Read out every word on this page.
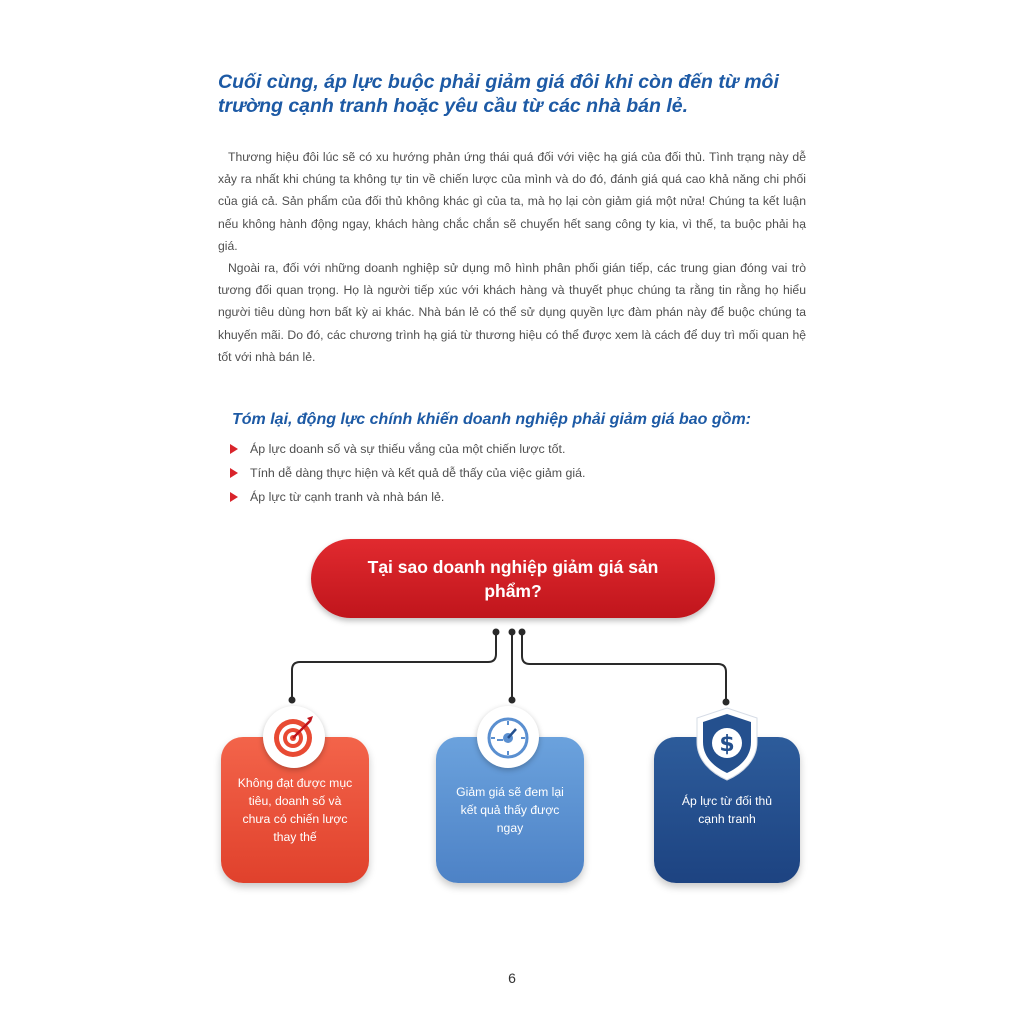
Cuối cùng, áp lực buộc phải giảm giá đôi khi còn đến từ môi trường cạnh tranh hoặc yêu cầu từ các nhà bán lẻ.

Thương hiệu đôi lúc sẽ có xu hướng phản ứng thái quá đối với việc hạ giá của đối thủ. Tình trạng này dễ xảy ra nhất khi chúng ta không tự tin về chiến lược của mình và do đó, đánh giá quá cao khả năng chi phối của giá cả. Sản phẩm của đối thủ không khác gì của ta, mà họ lại còn giảm giá một nửa! Chúng ta kết luận nếu không hành động ngay, khách hàng chắc chắn sẽ chuyển hết sang công ty kia, vì thế, ta buộc phải hạ giá.

Ngoài ra, đối với những doanh nghiệp sử dụng mô hình phân phối gián tiếp, các trung gian đóng vai trò tương đối quan trọng. Họ là người tiếp xúc với khách hàng và thuyết phục chúng ta rằng tin rằng họ hiểu người tiêu dùng hơn bất kỳ ai khác. Nhà bán lẻ có thể sử dụng quyền lực đàm phán này để buộc chúng ta khuyến mãi. Do đó, các chương trình hạ giá từ thương hiệu có thể được xem là cách để duy trì mối quan hệ tốt với nhà bán lẻ.

Tóm lại, động lực chính khiến doanh nghiệp phải giảm giá bao gồm:
Áp lực doanh số và sự thiếu vắng của một chiến lược tốt.
Tính dễ dàng thực hiện và kết quả dễ thấy của việc giảm giá.
Áp lực từ cạnh tranh và nhà bán lẻ.
Tại sao doanh nghiệp giảm giá sản phẩm?
Không đạt được mục tiêu, doanh số và chưa có chiến lược thay thế
Giảm giá sẽ đem lại kết quả thấy được ngay
Áp lực từ đối thủ cạnh tranh
$
6
